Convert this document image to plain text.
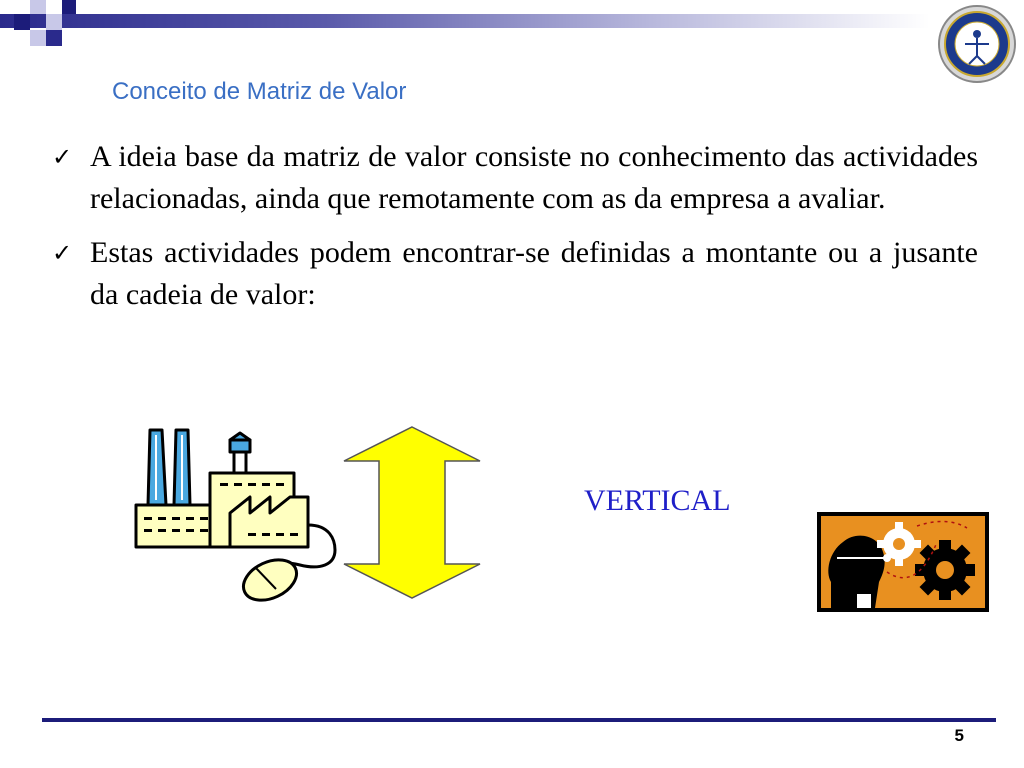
Conceito de Matriz de Valor
✓ A ideia base da matriz de valor consiste no conhecimento das actividades relacionadas, ainda que remotamente com as da empresa a avaliar.

✓ Estas actividades podem encontrar-se definidas a montante ou a jusante da cadeia de valor:

VERTICAL
5
